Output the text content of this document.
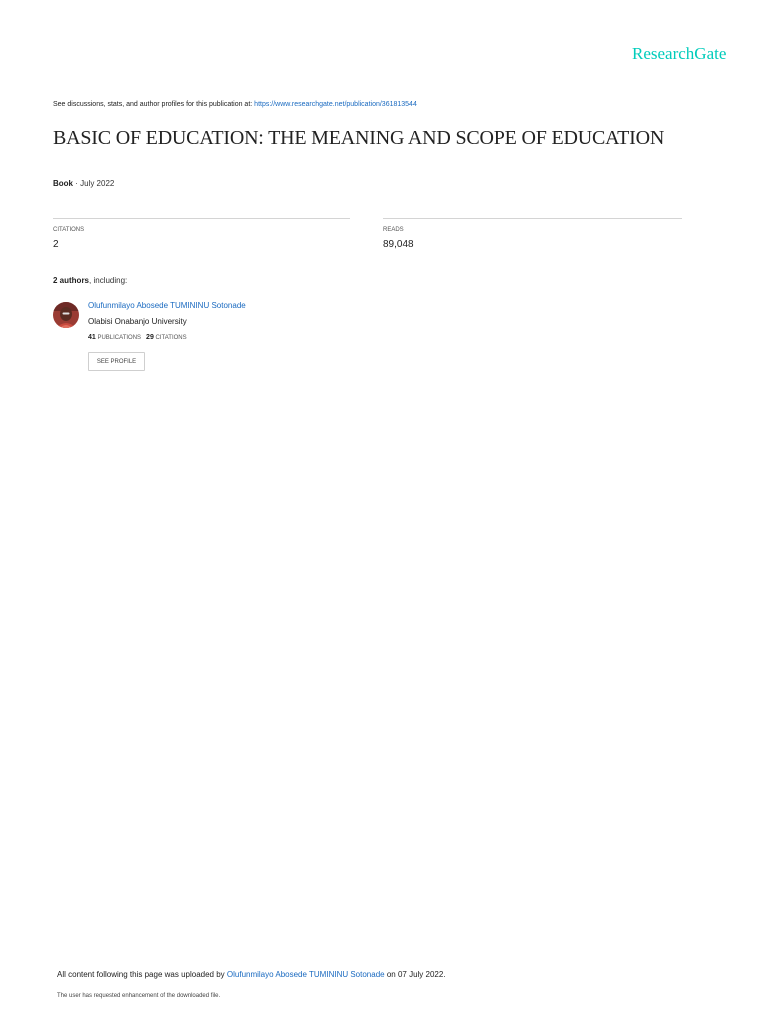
ResearchGate
See discussions, stats, and author profiles for this publication at: https://www.researchgate.net/publication/361813544
BASIC OF EDUCATION: THE MEANING AND SCOPE OF EDUCATION
Book · July 2022
CITATIONS
2
READS
89,048
2 authors, including:
Olufunmilayo Abosede TUMININU Sotonade
Olabisi Onabanjo University
41 PUBLICATIONS 29 CITATIONS
SEE PROFILE
All content following this page was uploaded by Olufunmilayo Abosede TUMININU Sotonade on 07 July 2022.
The user has requested enhancement of the downloaded file.
